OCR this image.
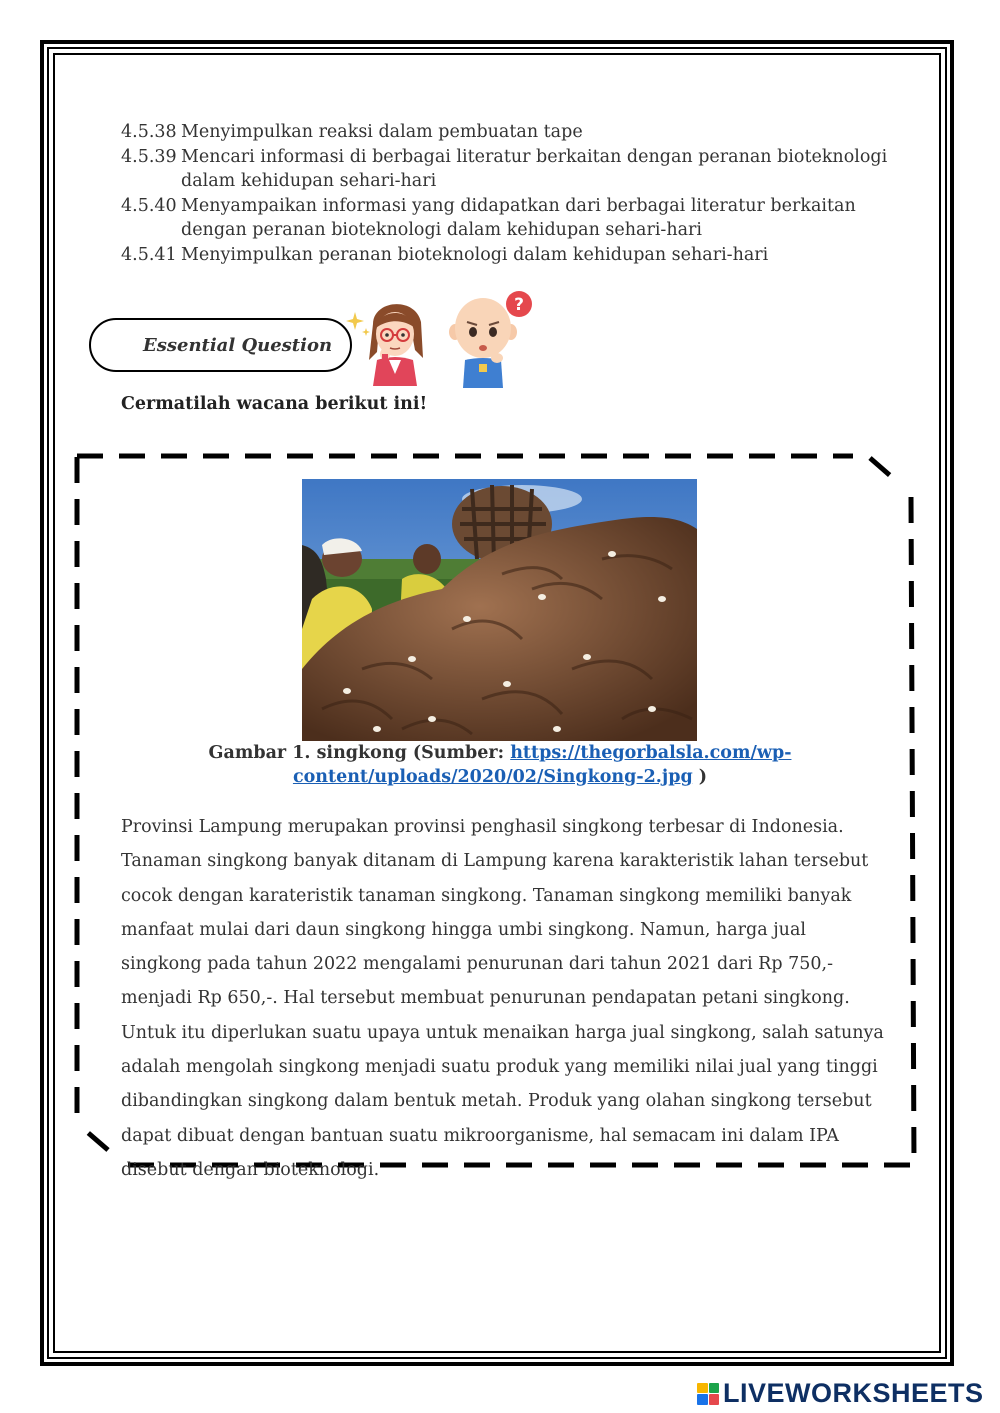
4.5.38 Menyimpulkan reaksi dalam pembuatan tape
4.5.39 Mencari informasi di berbagai literatur berkaitan dengan peranan bioteknologi dalam kehidupan sehari-hari
4.5.40 Menyampaikan informasi yang didapatkan dari berbagai literatur berkaitan dengan peranan bioteknologi dalam kehidupan sehari-hari
4.5.41 Menyimpulkan peranan bioteknologi dalam kehidupan sehari-hari
Essential Question
?
Cermatilah wacana berikut ini!
Gambar 1. singkong (Sumber: https://thegorbalsla.com/wp-content/uploads/2020/02/Singkong-2.jpg )
Provinsi Lampung merupakan provinsi penghasil singkong terbesar di Indonesia. Tanaman singkong banyak ditanam di Lampung karena karakteristik lahan tersebut cocok dengan karateristik tanaman singkong. Tanaman singkong memiliki banyak manfaat mulai dari daun singkong hingga umbi singkong. Namun, harga jual singkong pada tahun 2022 mengalami penurunan dari tahun 2021 dari Rp 750,- menjadi Rp 650,-. Hal tersebut membuat penurunan pendapatan petani singkong. Untuk itu diperlukan suatu upaya untuk menaikan harga jual singkong, salah satunya adalah mengolah singkong menjadi suatu produk yang memiliki nilai jual yang tinggi dibandingkan singkong dalam bentuk metah. Produk yang olahan singkong tersebut dapat dibuat dengan bantuan suatu mikroorganisme, hal semacam ini dalam IPA disebut dengan bioteknologi.
LIVEWORKSHEETS
